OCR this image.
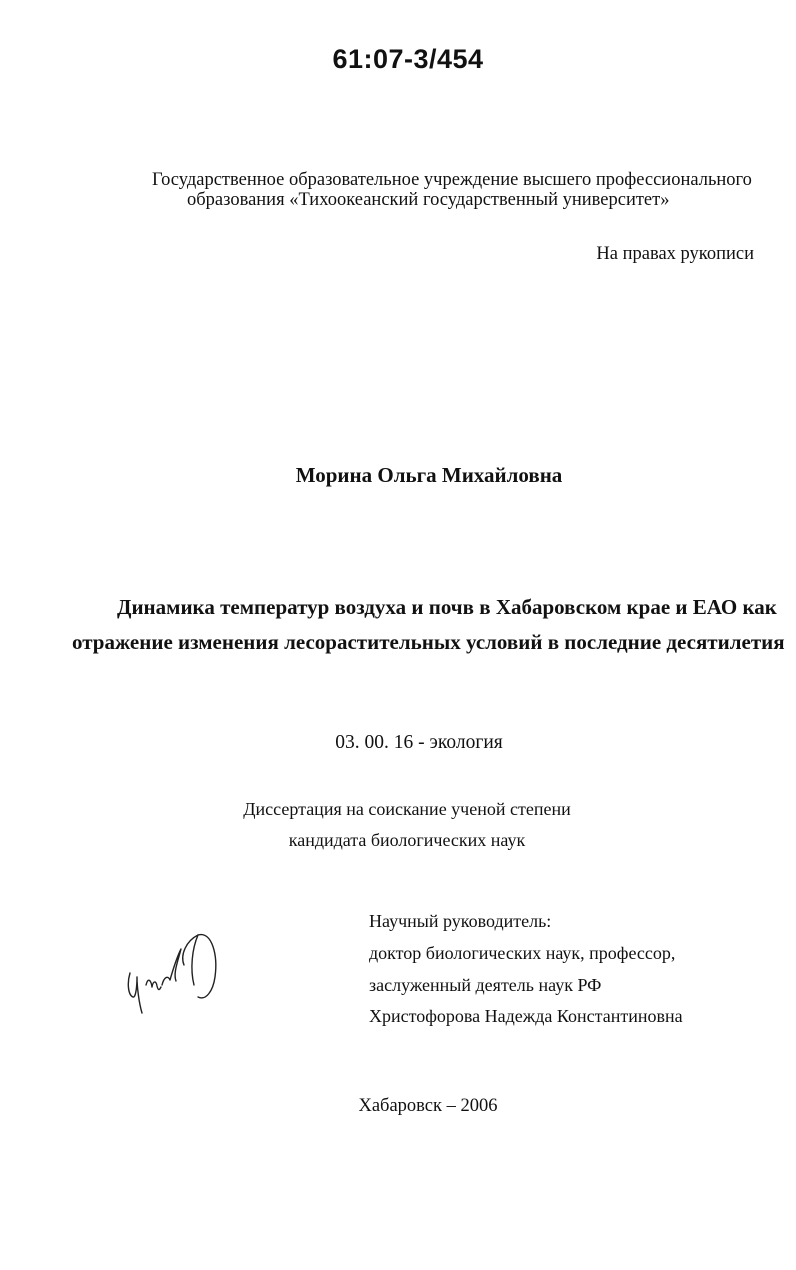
61:07-3/454
Государственное образовательное учреждение высшего профессионального
образования «Тихоокеанский государственный университет»
На правах рукописи
Морина Ольга Михайловна
Динамика температур воздуха и почв в Хабаровском крае и ЕАО как
отражение изменения лесорастительных условий в последние десятилетия
03. 00. 16 - экология
Диссертация на соискание ученой степени
кандидата биологических наук
Научный руководитель:
доктор биологических наук, профессор,
заслуженный деятель наук РФ
Христофорова Надежда Константиновна
Хабаровск – 2006
